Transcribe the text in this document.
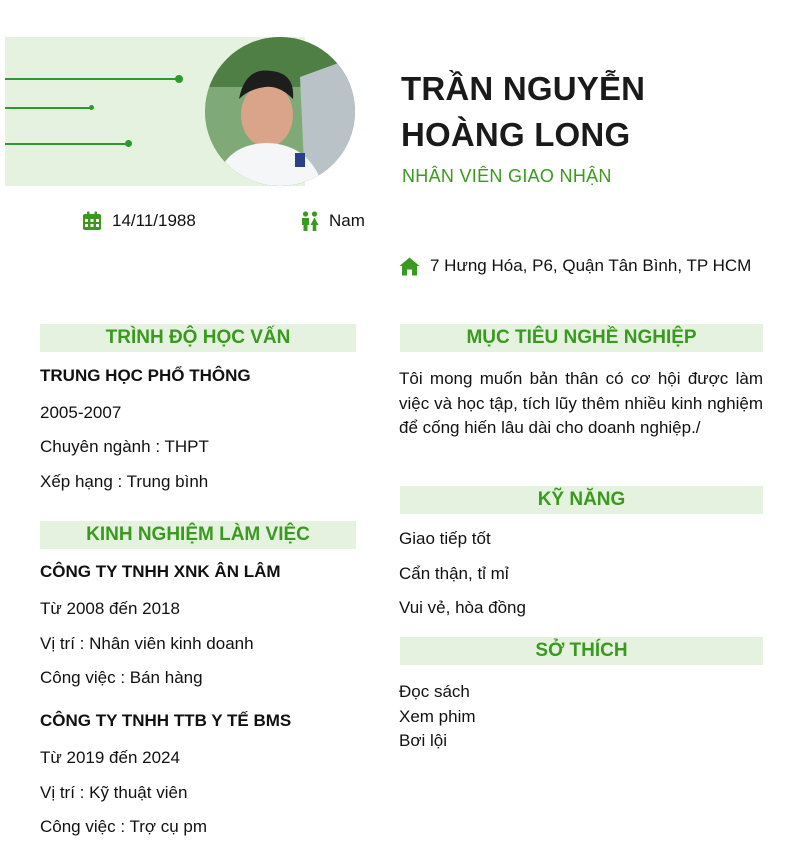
TRẦN NGUYỄN HOÀNG LONG
NHÂN VIÊN GIAO NHẬN
14/11/1988	Nam
7 Hưng Hóa, P6, Quận Tân Bình, TP HCM
TRÌNH ĐỘ HỌC VẤN
TRUNG HỌC PHỔ THÔNG
2005-2007
Chuyên ngành : THPT
Xếp hạng : Trung bình
KINH NGHIỆM LÀM VIỆC
CÔNG TY TNHH XNK ÂN LÂM
Từ 2008 đến 2018
Vị trí : Nhân viên kinh doanh
Công việc : Bán hàng
CÔNG TY TNHH TTB Y TẾ BMS
Từ 2019 đến 2024
Vị trí : Kỹ thuật viên
Công việc : Trợ cụ pm
MỤC TIÊU NGHỀ NGHIỆP
Tôi mong muốn bản thân có cơ hội được làm việc và học tập, tích lũy thêm nhiều kinh nghiệm để cống hiến lâu dài cho doanh nghiệp./
KỸ NĂNG
Giao tiếp tốt
Cẩn thận, tỉ mỉ
Vui vẻ, hòa đồng
SỞ THÍCH
Đọc sách
Xem phim
Bơi lội
